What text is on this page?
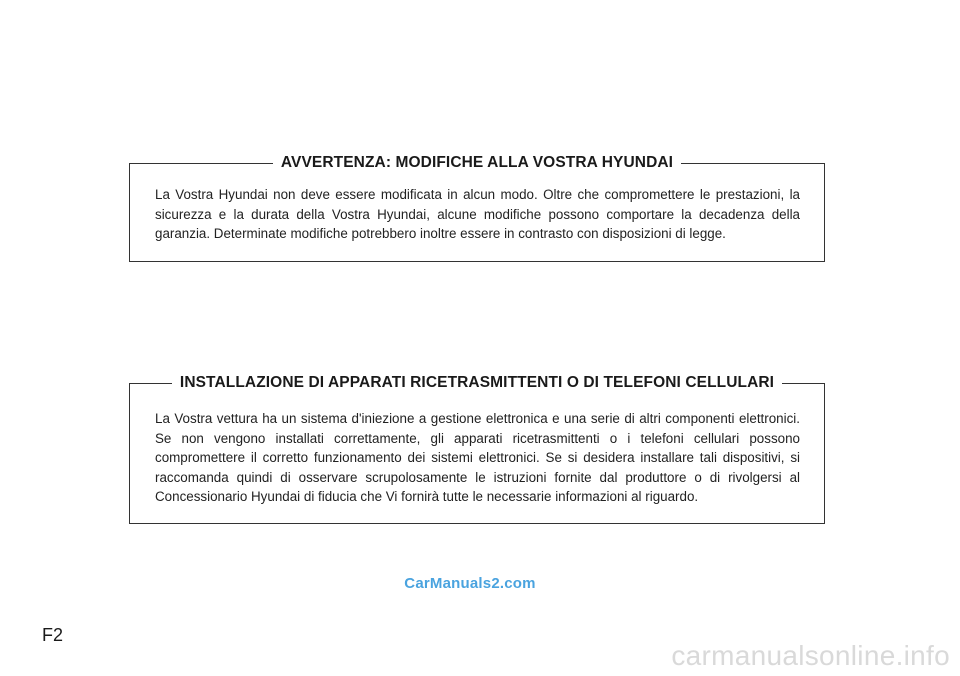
AVVERTENZA: MODIFICHE ALLA VOSTRA HYUNDAI
La Vostra Hyundai non deve essere modificata in alcun modo. Oltre che compromettere le prestazioni, la sicurezza e la durata della Vostra Hyundai, alcune modifiche possono comportare la decadenza della garanzia. Determinate modifiche potrebbero inoltre essere in contrasto con disposizioni di legge.
INSTALLAZIONE DI APPARATI RICETRASMITTENTI O DI TELEFONI CELLULARI
La Vostra vettura ha un sistema d'iniezione a gestione elettronica e una serie di altri componenti elettronici. Se non vengono installati correttamente, gli apparati ricetrasmittenti o i telefoni cellulari possono compromettere il corretto funzionamento dei sistemi elettronici. Se si desidera installare tali dispositivi, si raccomanda quindi di osservare scrupolosamente le istruzioni fornite dal produttore o di rivolgersi al Concessionario Hyundai di fiducia che Vi fornirà tutte le necessarie informazioni al riguardo.
CarManuals2.com
F2
carmanualsonline.info
